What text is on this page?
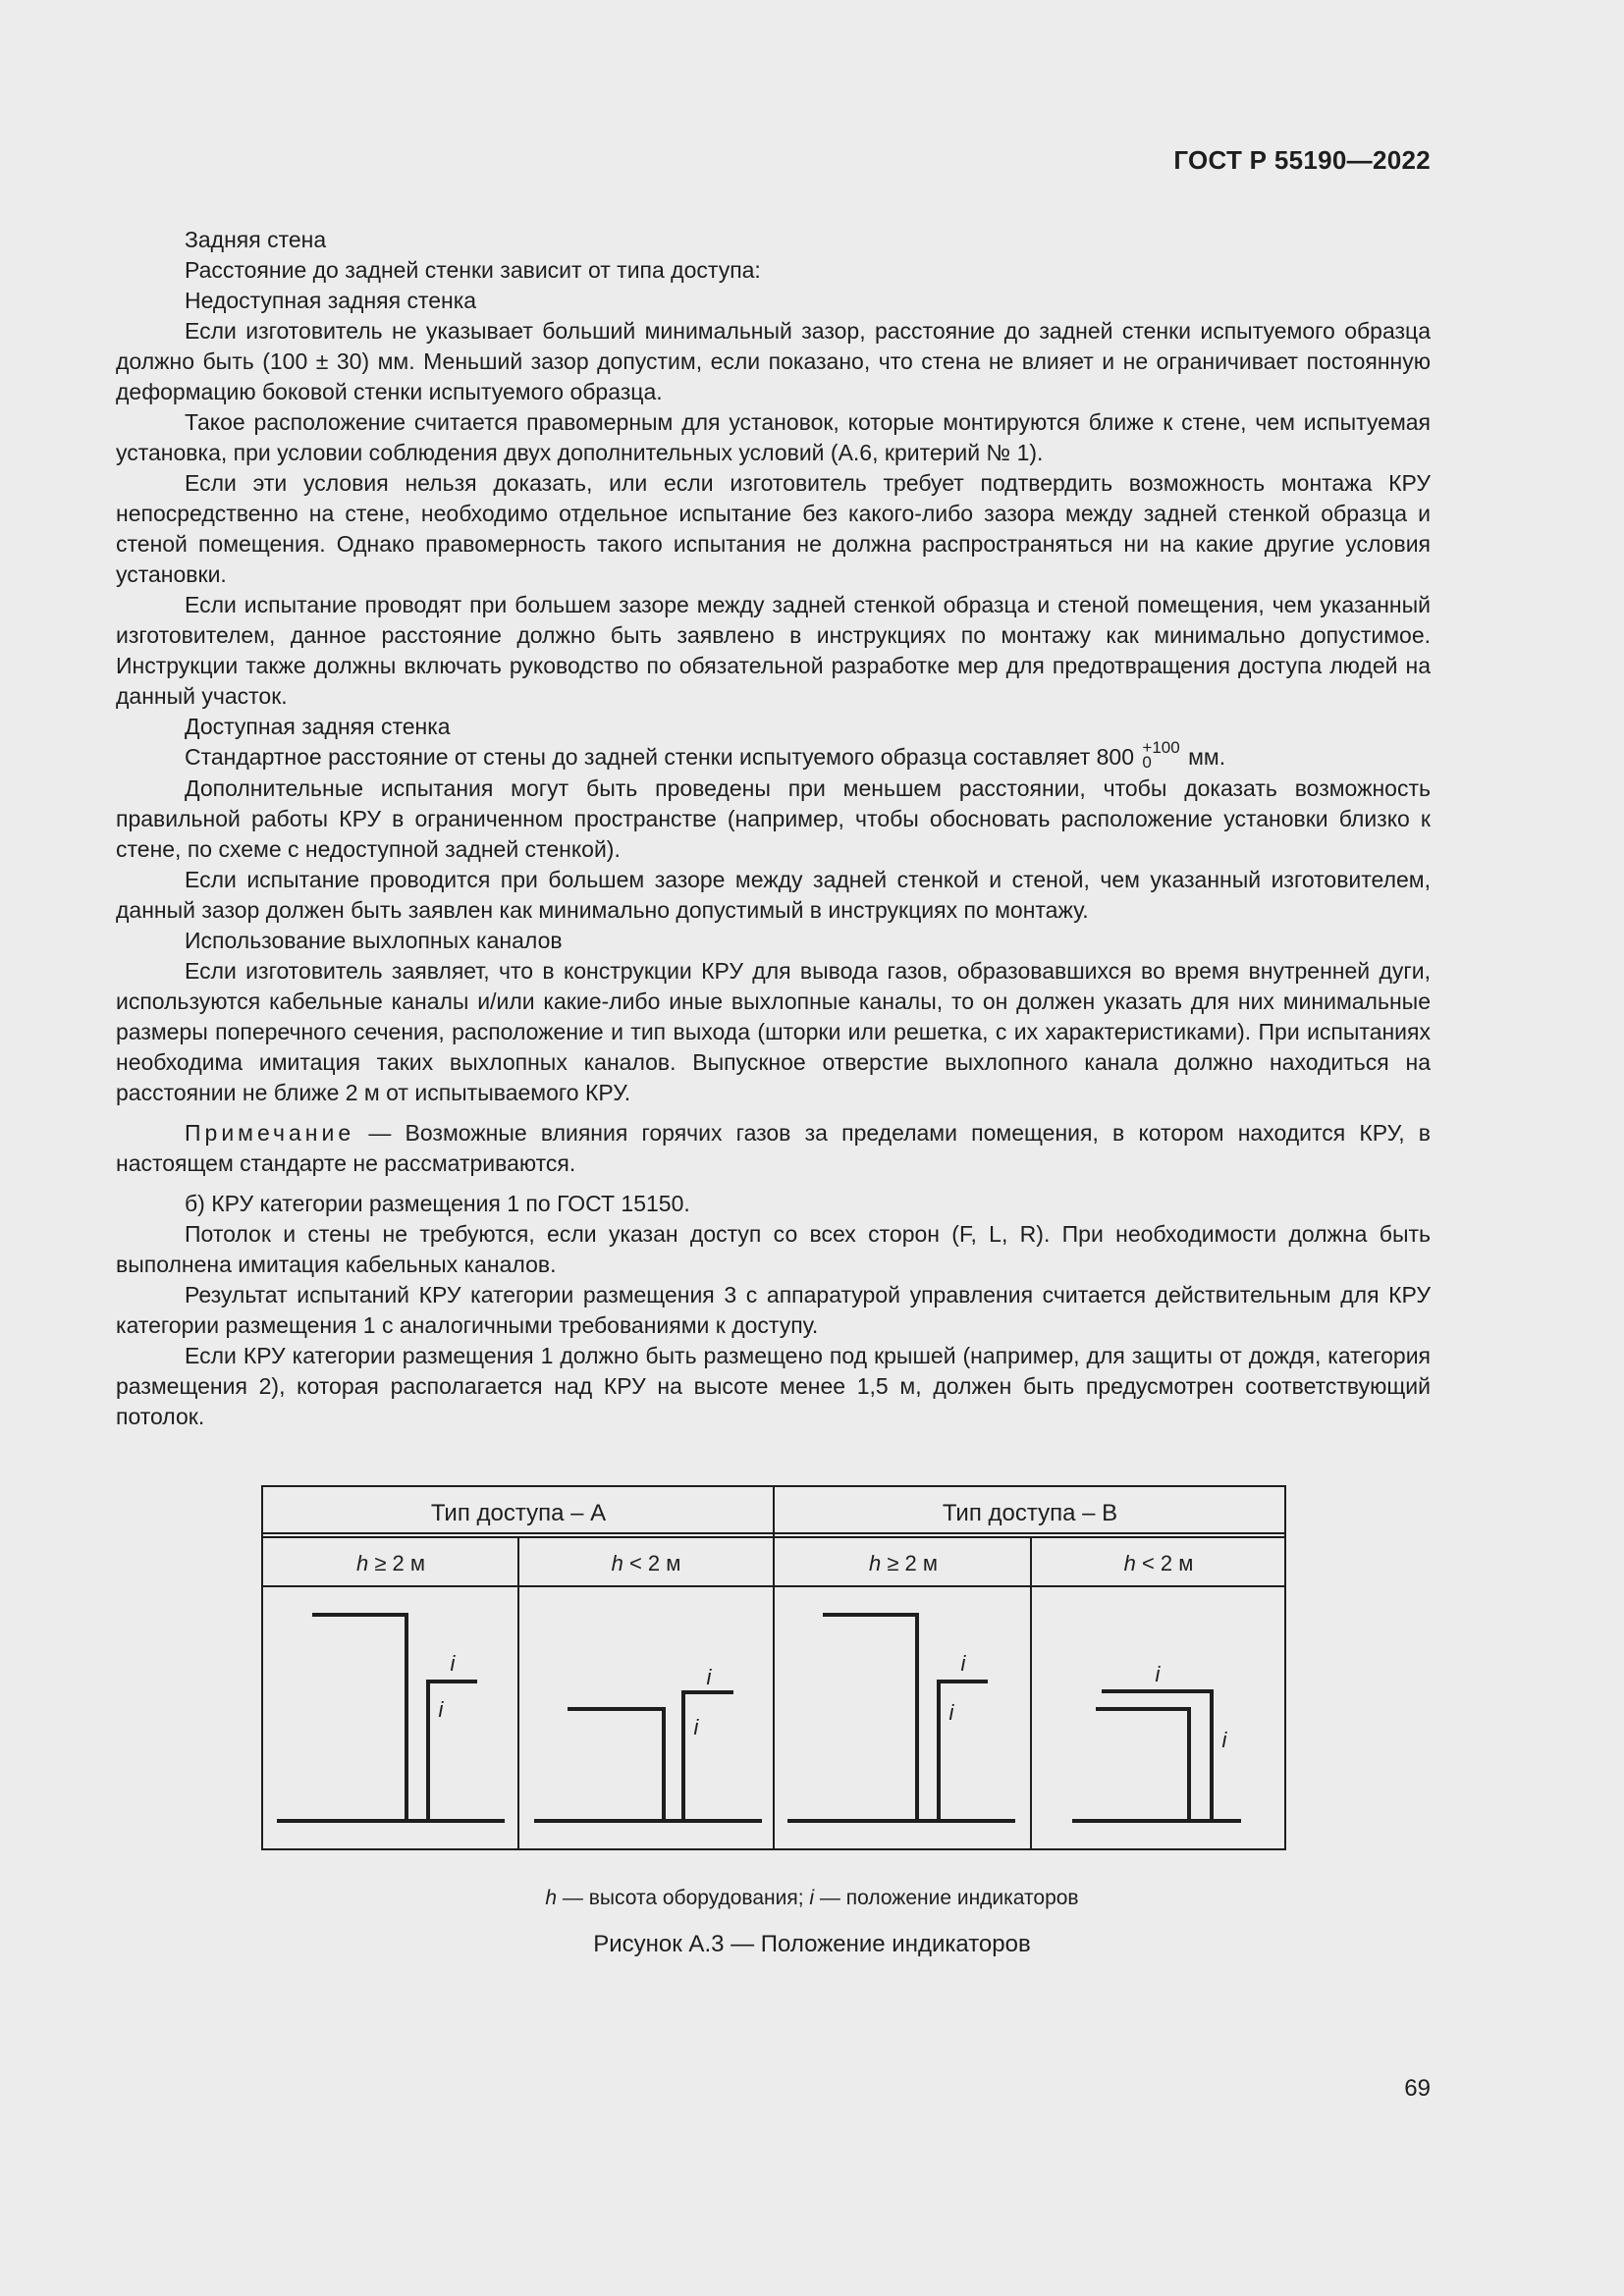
ГОСТ Р 55190—2022

Задняя стена

Расстояние до задней стенки зависит от типа доступа:

Недоступная задняя стенка

Если изготовитель не указывает больший минимальный зазор, расстояние до задней стенки испытуемого образца должно быть (100 ± 30) мм. Меньший зазор допустим, если показано, что стена не влияет и не ограничивает постоянную деформацию боковой стенки испытуемого образца.

Такое расположение считается правомерным для установок, которые монтируются ближе к стене, чем испытуемая установка, при условии соблюдения двух дополнительных условий (А.6, критерий № 1).

Если эти условия нельзя доказать, или если изготовитель требует подтвердить возможность монтажа КРУ непосредственно на стене, необходимо отдельное испытание без какого-либо зазора между задней стенкой образца и стеной помещения. Однако правомерность такого испытания не должна распространяться ни на какие другие условия установки.

Если испытание проводят при большем зазоре между задней стенкой образца и стеной помещения, чем указанный изготовителем, данное расстояние должно быть заявлено в инструкциях по монтажу как минимально допустимое. Инструкции также должны включать руководство по обязательной разработке мер для предотвращения доступа людей на данный участок.

Доступная задняя стенка

Стандартное расстояние от стены до задней стенки испытуемого образца составляет 800 +100
0	мм.

Дополнительные испытания могут быть проведены при меньшем расстоянии, чтобы доказать возможность правильной работы КРУ в ограниченном пространстве (например, чтобы обосновать расположение установки близко к стене, по схеме с недоступной задней стенкой).

Если испытание проводится при большем зазоре между задней стенкой и стеной, чем указанный изготовителем, данный зазор должен быть заявлен как минимально допустимый в инструкциях по монтажу.

Использование выхлопных каналов

Если изготовитель заявляет, что в конструкции КРУ для вывода газов, образовавшихся во время внутренней дуги, используются кабельные каналы и/или какие-либо иные выхлопные каналы, то он должен указать для них минимальные размеры поперечного сечения, расположение и тип выхода (шторки или решетка, с их характеристиками). При испытаниях необходима имитация таких выхлопных каналов. Выпускное отверстие выхлопного канала должно находиться на расстоянии не ближе 2 м от испытываемого КРУ.

Примечание — Возможные влияния горячих газов за пределами помещения, в котором находится КРУ, в настоящем стандарте не рассматриваются.

б) КРУ категории размещения 1 по ГОСТ 15150.

Потолок и стены не требуются, если указан доступ со всех сторон (F, L, R). При необходимости должна быть выполнена имитация кабельных каналов.

Результат испытаний КРУ категории размещения 3 с аппаратурой управления считается действительным для КРУ категории размещения 1 с аналогичными требованиями к доступу.

Если КРУ категории размещения 1 должно быть размещено под крышей (например, для защиты от дождя, категория размещения 2), которая располагается над КРУ на высоте менее 1,5 м, должен быть предусмотрен соответствующий потолок.

Тип доступа – А	Тип доступа – В
h ≥ 2 м	h < 2 м	h ≥ 2 м	h < 2 м
i
i
i
i
i
i
i
i
h — высота оборудования; i — положение индикаторов
Рисунок А.3 — Положение индикаторов
69
